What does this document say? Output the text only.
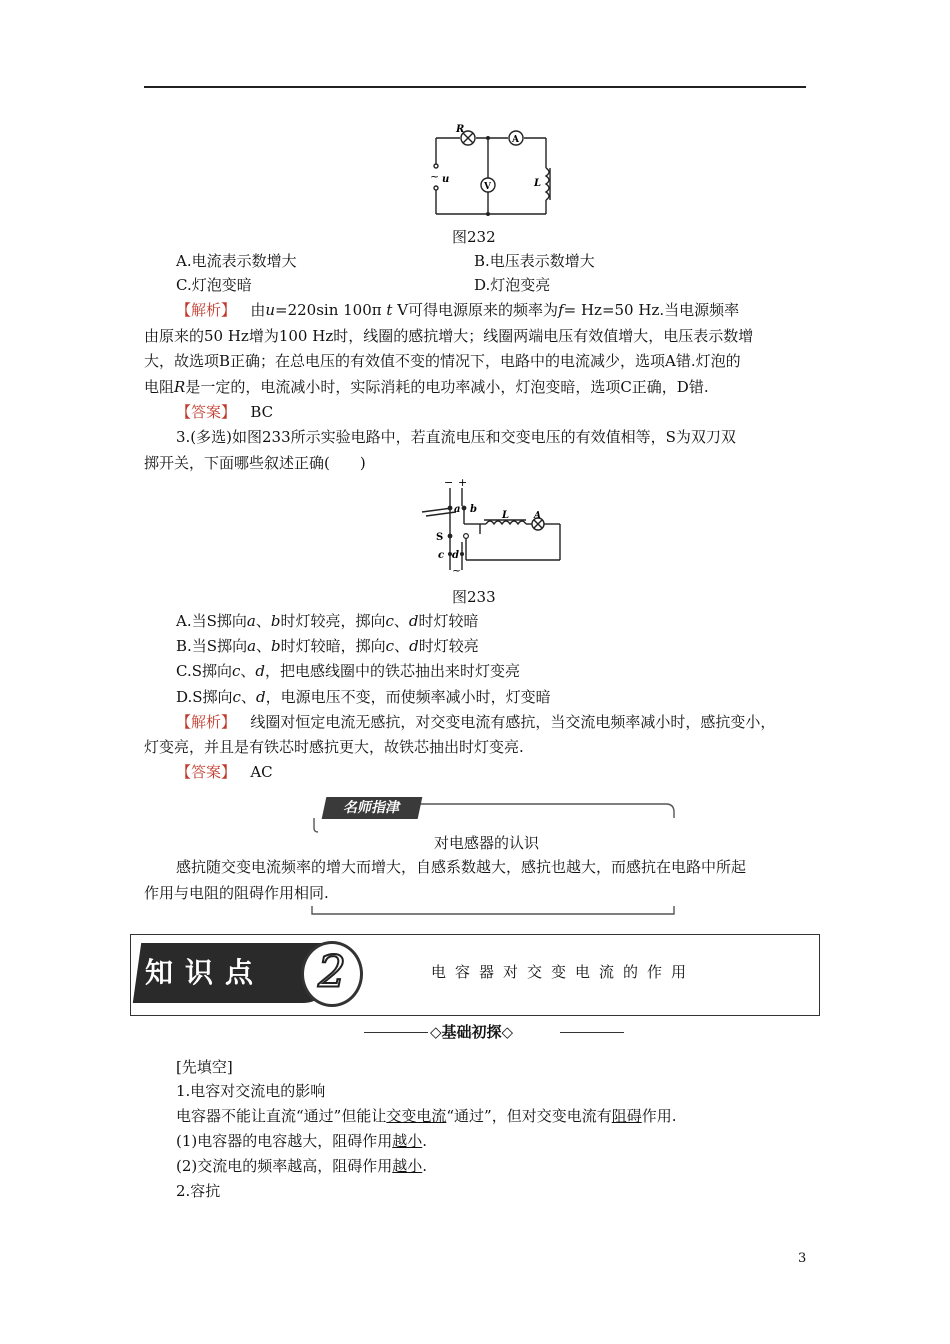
R
A
V	L
~ u
图232
A.电流表示数增大	B.电压表示数增大
C.灯泡变暗	D.灯泡变亮
【解析】 由u=220sin 100π t V可得电源原来的频率为f= Hz=50 Hz.当电源频率
由原来的50 Hz增为100 Hz时，线圈的感抗增大；线圈两端电压有效值增大，电压表示数增
大，故选项B正确；在总电压的有效值不变的情况下，电路中的电流减少，选项A错.灯泡的
电阻R是一定的，电流减小时，实际消耗的电功率减小，灯泡变暗，选项C正确，D错.
【答案】 BC
3.(多选)如图233所示实验电路中，若直流电压和交变电压的有效值相等，S为双刀双
掷开关，下面哪些叙述正确(　　)
− +
a b
L	A
S
c d
~
图233
A.当S掷向a、b时灯较亮，掷向c、d时灯较暗
B.当S掷向a、b时灯较暗，掷向c、d时灯较亮
C.S掷向c、d，把电感线圈中的铁芯抽出来时灯变亮
D.S掷向c、d，电源电压不变，而使频率减小时，灯变暗
【解析】 线圈对恒定电流无感抗，对交变电流有感抗，当交流电频率减小时，感抗变小，
灯变亮，并且是有铁芯时感抗更大，故铁芯抽出时灯变亮.
【答案】 AC
名师指津
对电感器的认识
感抗随交变电流频率的增大而增大，自感系数越大，感抗也越大，而感抗在电路中所起
作用与电阻的阻碍作用相同.
知识点	2	电容器对交变电流的作用
◇基础初探◇
[先填空]
1.电容对交流电的影响
电容器不能让直流“通过”但能让交变电流“通过”，但对交变电流有阻碍作用.
(1)电容器的电容越大，阻碍作用越小.
(2)交流电的频率越高，阻碍作用越小.
2.容抗
3
